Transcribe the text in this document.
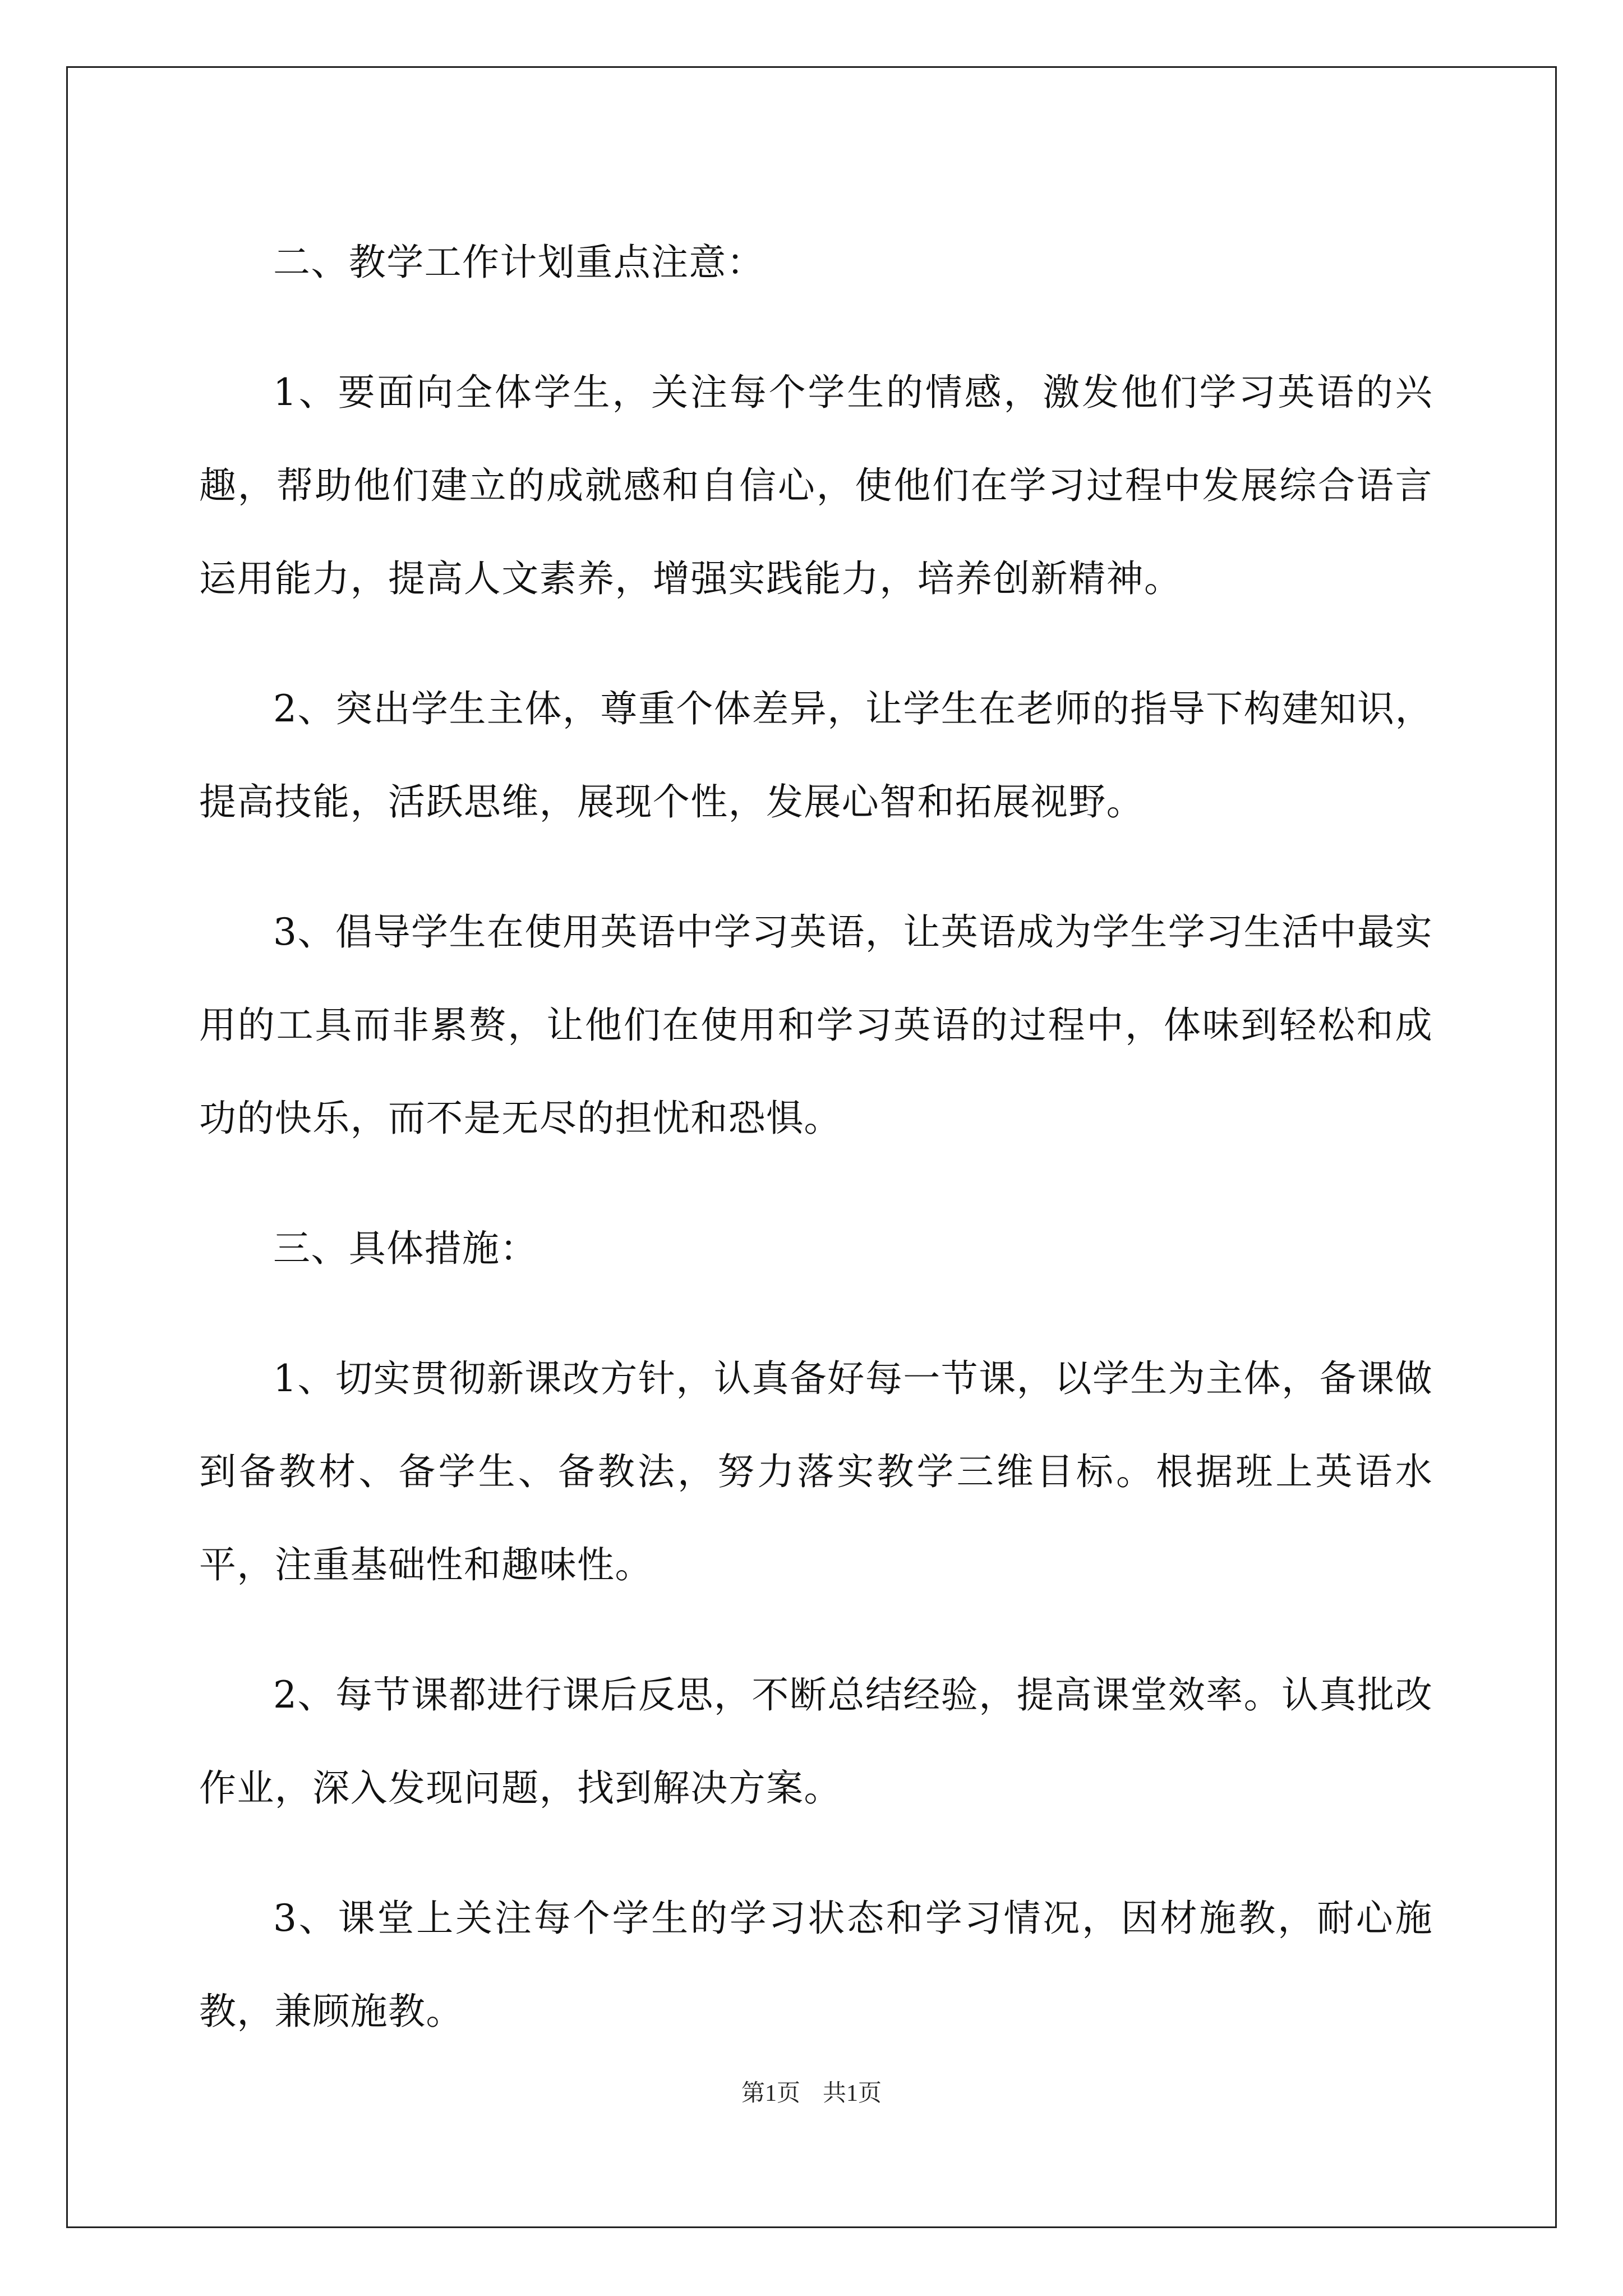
二、教学工作计划重点注意：

1、要面向全体学生，关注每个学生的情感，激发他们学习英语的兴趣，帮助他们建立的成就感和自信心，使他们在学习过程中发展综合语言运用能力，提高人文素养，增强实践能力，培养创新精神。

2、突出学生主体，尊重个体差异，让学生在老师的指导下构建知识，提高技能，活跃思维，展现个性，发展心智和拓展视野。

3、倡导学生在使用英语中学习英语，让英语成为学生学习生活中最实用的工具而非累赘，让他们在使用和学习英语的过程中，体味到轻松和成功的快乐，而不是无尽的担忧和恐惧。

三、具体措施：

1、切实贯彻新课改方针，认真备好每一节课，以学生为主体，备课做到备教材、备学生、备教法，努力落实教学三维目标。根据班上英语水平，注重基础性和趣味性。

2、每节课都进行课后反思，不断总结经验，提高课堂效率。认真批改作业，深入发现问题，找到解决方案。

3、课堂上关注每个学生的学习状态和学习情况，因材施教，耐心施教，兼顾施教。

第1页 共1页
